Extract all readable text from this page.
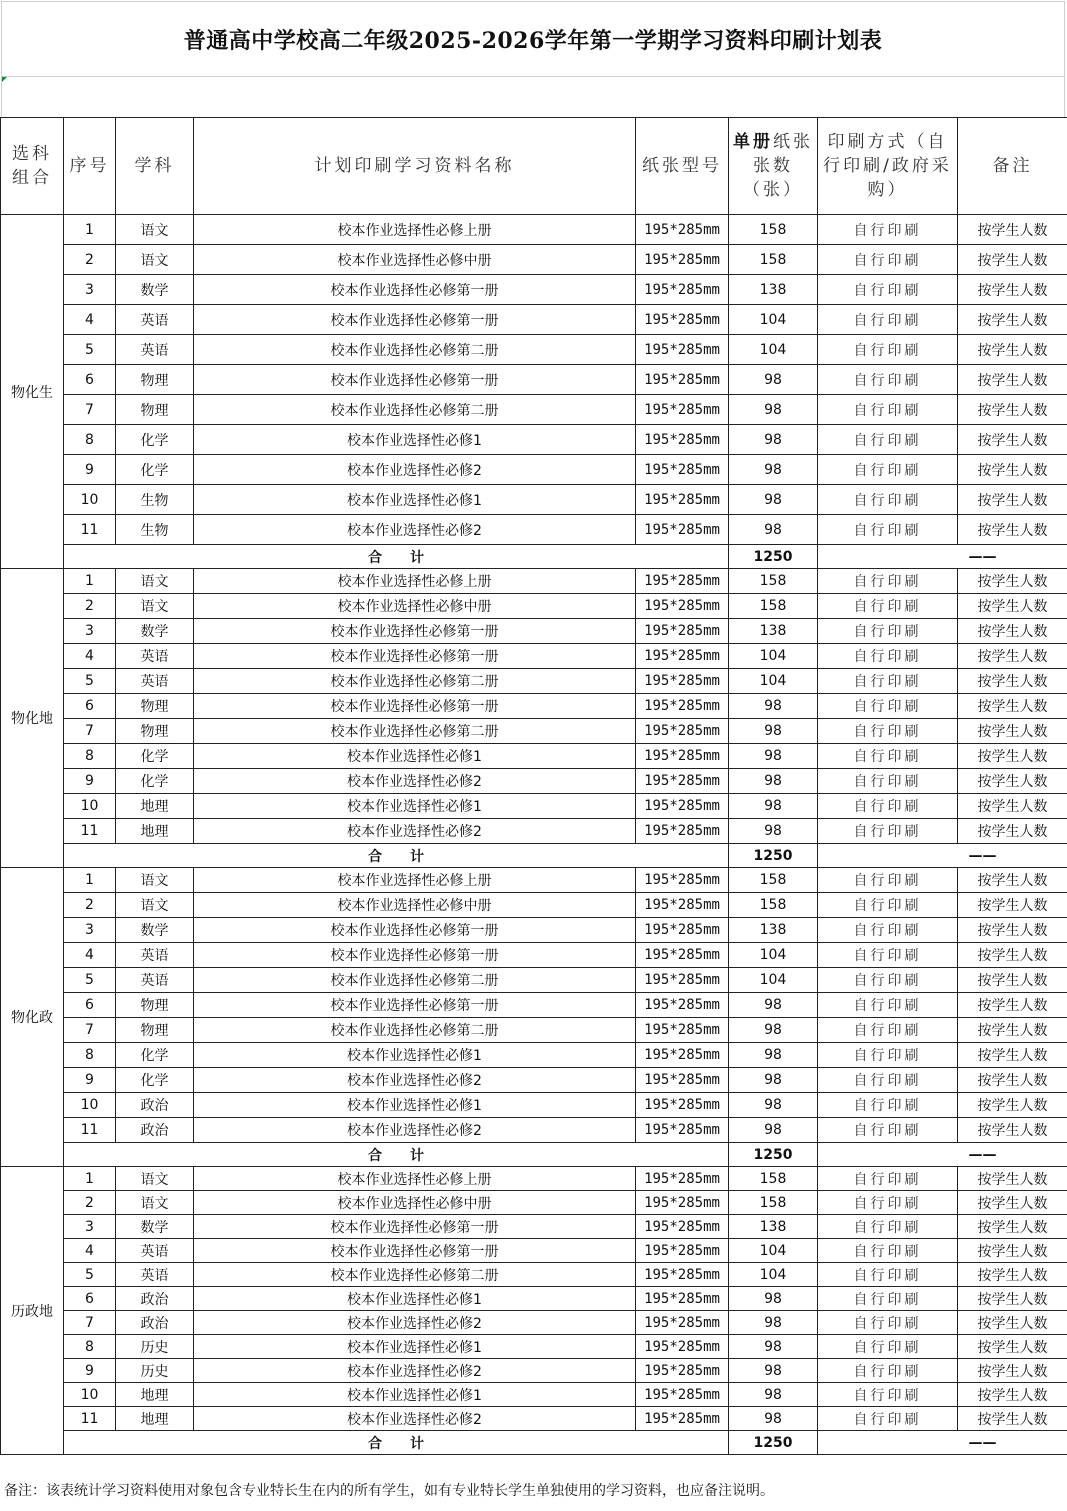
普通高中学校高二年级2025-2026学年第一学期学习资料印刷计划表
选科组合	序号	学科	计划印刷学习资料名称	纸张型号	单册纸张张数（张）	印刷方式（自行印刷/政府采购）	备注
物化生	1	语文	校本作业选择性必修上册	195*285mm	158	自行印刷	按学生人数
	2	语文	校本作业选择性必修中册	195*285mm	158	自行印刷	按学生人数
	3	数学	校本作业选择性必修第一册	195*285mm	138	自行印刷	按学生人数
	4	英语	校本作业选择性必修第一册	195*285mm	104	自行印刷	按学生人数
	5	英语	校本作业选择性必修第二册	195*285mm	104	自行印刷	按学生人数
	6	物理	校本作业选择性必修第一册	195*285mm	98	自行印刷	按学生人数
	7	物理	校本作业选择性必修第二册	195*285mm	98	自行印刷	按学生人数
	8	化学	校本作业选择性必修1	195*285mm	98	自行印刷	按学生人数
	9	化学	校本作业选择性必修2	195*285mm	98	自行印刷	按学生人数
	10	生物	校本作业选择性必修1	195*285mm	98	自行印刷	按学生人数
	11	生物	校本作业选择性必修2	195*285mm	98	自行印刷	按学生人数
	合　　计				1250	——	
物化地	1	语文	校本作业选择性必修上册	195*285mm	158	自行印刷	按学生人数
	2	语文	校本作业选择性必修中册	195*285mm	158	自行印刷	按学生人数
	3	数学	校本作业选择性必修第一册	195*285mm	138	自行印刷	按学生人数
	4	英语	校本作业选择性必修第一册	195*285mm	104	自行印刷	按学生人数
	5	英语	校本作业选择性必修第二册	195*285mm	104	自行印刷	按学生人数
	6	物理	校本作业选择性必修第一册	195*285mm	98	自行印刷	按学生人数
	7	物理	校本作业选择性必修第二册	195*285mm	98	自行印刷	按学生人数
	8	化学	校本作业选择性必修1	195*285mm	98	自行印刷	按学生人数
	9	化学	校本作业选择性必修2	195*285mm	98	自行印刷	按学生人数
	10	地理	校本作业选择性必修1	195*285mm	98	自行印刷	按学生人数
	11	地理	校本作业选择性必修2	195*285mm	98	自行印刷	按学生人数
	合　　计				1250	——	
物化政	1	语文	校本作业选择性必修上册	195*285mm	158	自行印刷	按学生人数
	2	语文	校本作业选择性必修中册	195*285mm	158	自行印刷	按学生人数
	3	数学	校本作业选择性必修第一册	195*285mm	138	自行印刷	按学生人数
	4	英语	校本作业选择性必修第一册	195*285mm	104	自行印刷	按学生人数
	5	英语	校本作业选择性必修第二册	195*285mm	104	自行印刷	按学生人数
	6	物理	校本作业选择性必修第一册	195*285mm	98	自行印刷	按学生人数
	7	物理	校本作业选择性必修第二册	195*285mm	98	自行印刷	按学生人数
	8	化学	校本作业选择性必修1	195*285mm	98	自行印刷	按学生人数
	9	化学	校本作业选择性必修2	195*285mm	98	自行印刷	按学生人数
	10	政治	校本作业选择性必修1	195*285mm	98	自行印刷	按学生人数
	11	政治	校本作业选择性必修2	195*285mm	98	自行印刷	按学生人数
	合　　计				1250	——	
历政地	1	语文	校本作业选择性必修上册	195*285mm	158	自行印刷	按学生人数
	2	语文	校本作业选择性必修中册	195*285mm	158	自行印刷	按学生人数
	3	数学	校本作业选择性必修第一册	195*285mm	138	自行印刷	按学生人数
	4	英语	校本作业选择性必修第一册	195*285mm	104	自行印刷	按学生人数
	5	英语	校本作业选择性必修第二册	195*285mm	104	自行印刷	按学生人数
	6	政治	校本作业选择性必修1	195*285mm	98	自行印刷	按学生人数
	7	政治	校本作业选择性必修2	195*285mm	98	自行印刷	按学生人数
	8	历史	校本作业选择性必修1	195*285mm	98	自行印刷	按学生人数
	9	历史	校本作业选择性必修2	195*285mm	98	自行印刷	按学生人数
	10	地理	校本作业选择性必修1	195*285mm	98	自行印刷	按学生人数
	11	地理	校本作业选择性必修2	195*285mm	98	自行印刷	按学生人数
	合　　计				1250	——	
备注：该表统计学习资料使用对象包含专业特长生在内的所有学生，如有专业特长学生单独使用的学习资料，也应备注说明。
